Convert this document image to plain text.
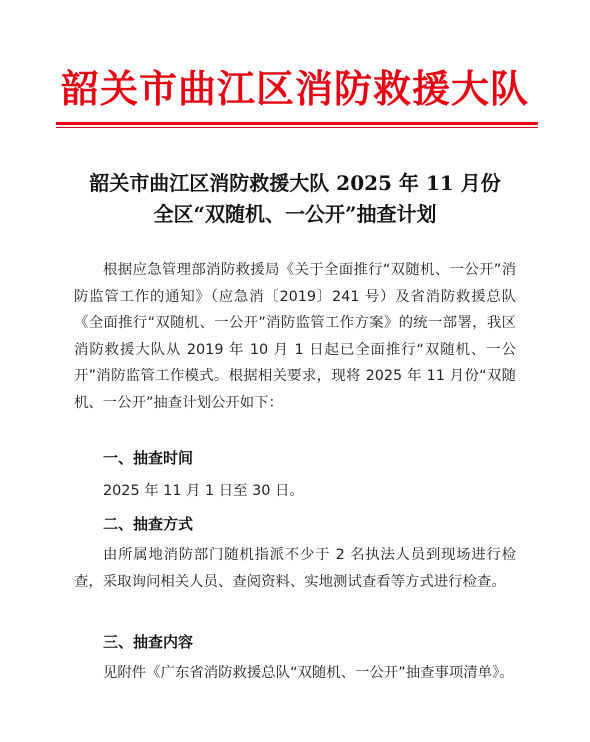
韶关市曲江区消防救援大队
韶关市曲江区消防救援大队 2025 年 11 月份
全区“双随机、一公开”抽查计划
根据应急管理部消防救援局《关于全面推行“双随机、一公开”消防监管工作的通知》（应急消〔2019〕241 号）及省消防救援总队《全面推行“双随机、一公开”消防监管工作方案》的统一部署，我区消防救援大队从 2019 年 10 月 1 日起已全面推行“双随机、一公开”消防监管工作模式。根据相关要求，现将 2025 年 11 月份“双随机、一公开”抽查计划公开如下：
一、抽查时间
2025 年 11 月 1 日至 30 日。
二、抽查方式
由所属地消防部门随机指派不少于 2 名执法人员到现场进行检查，采取询问相关人员、查阅资料、实地测试查看等方式进行检查。
三、抽查内容
见附件《广东省消防救援总队“双随机、一公开”抽查事项清单》。
